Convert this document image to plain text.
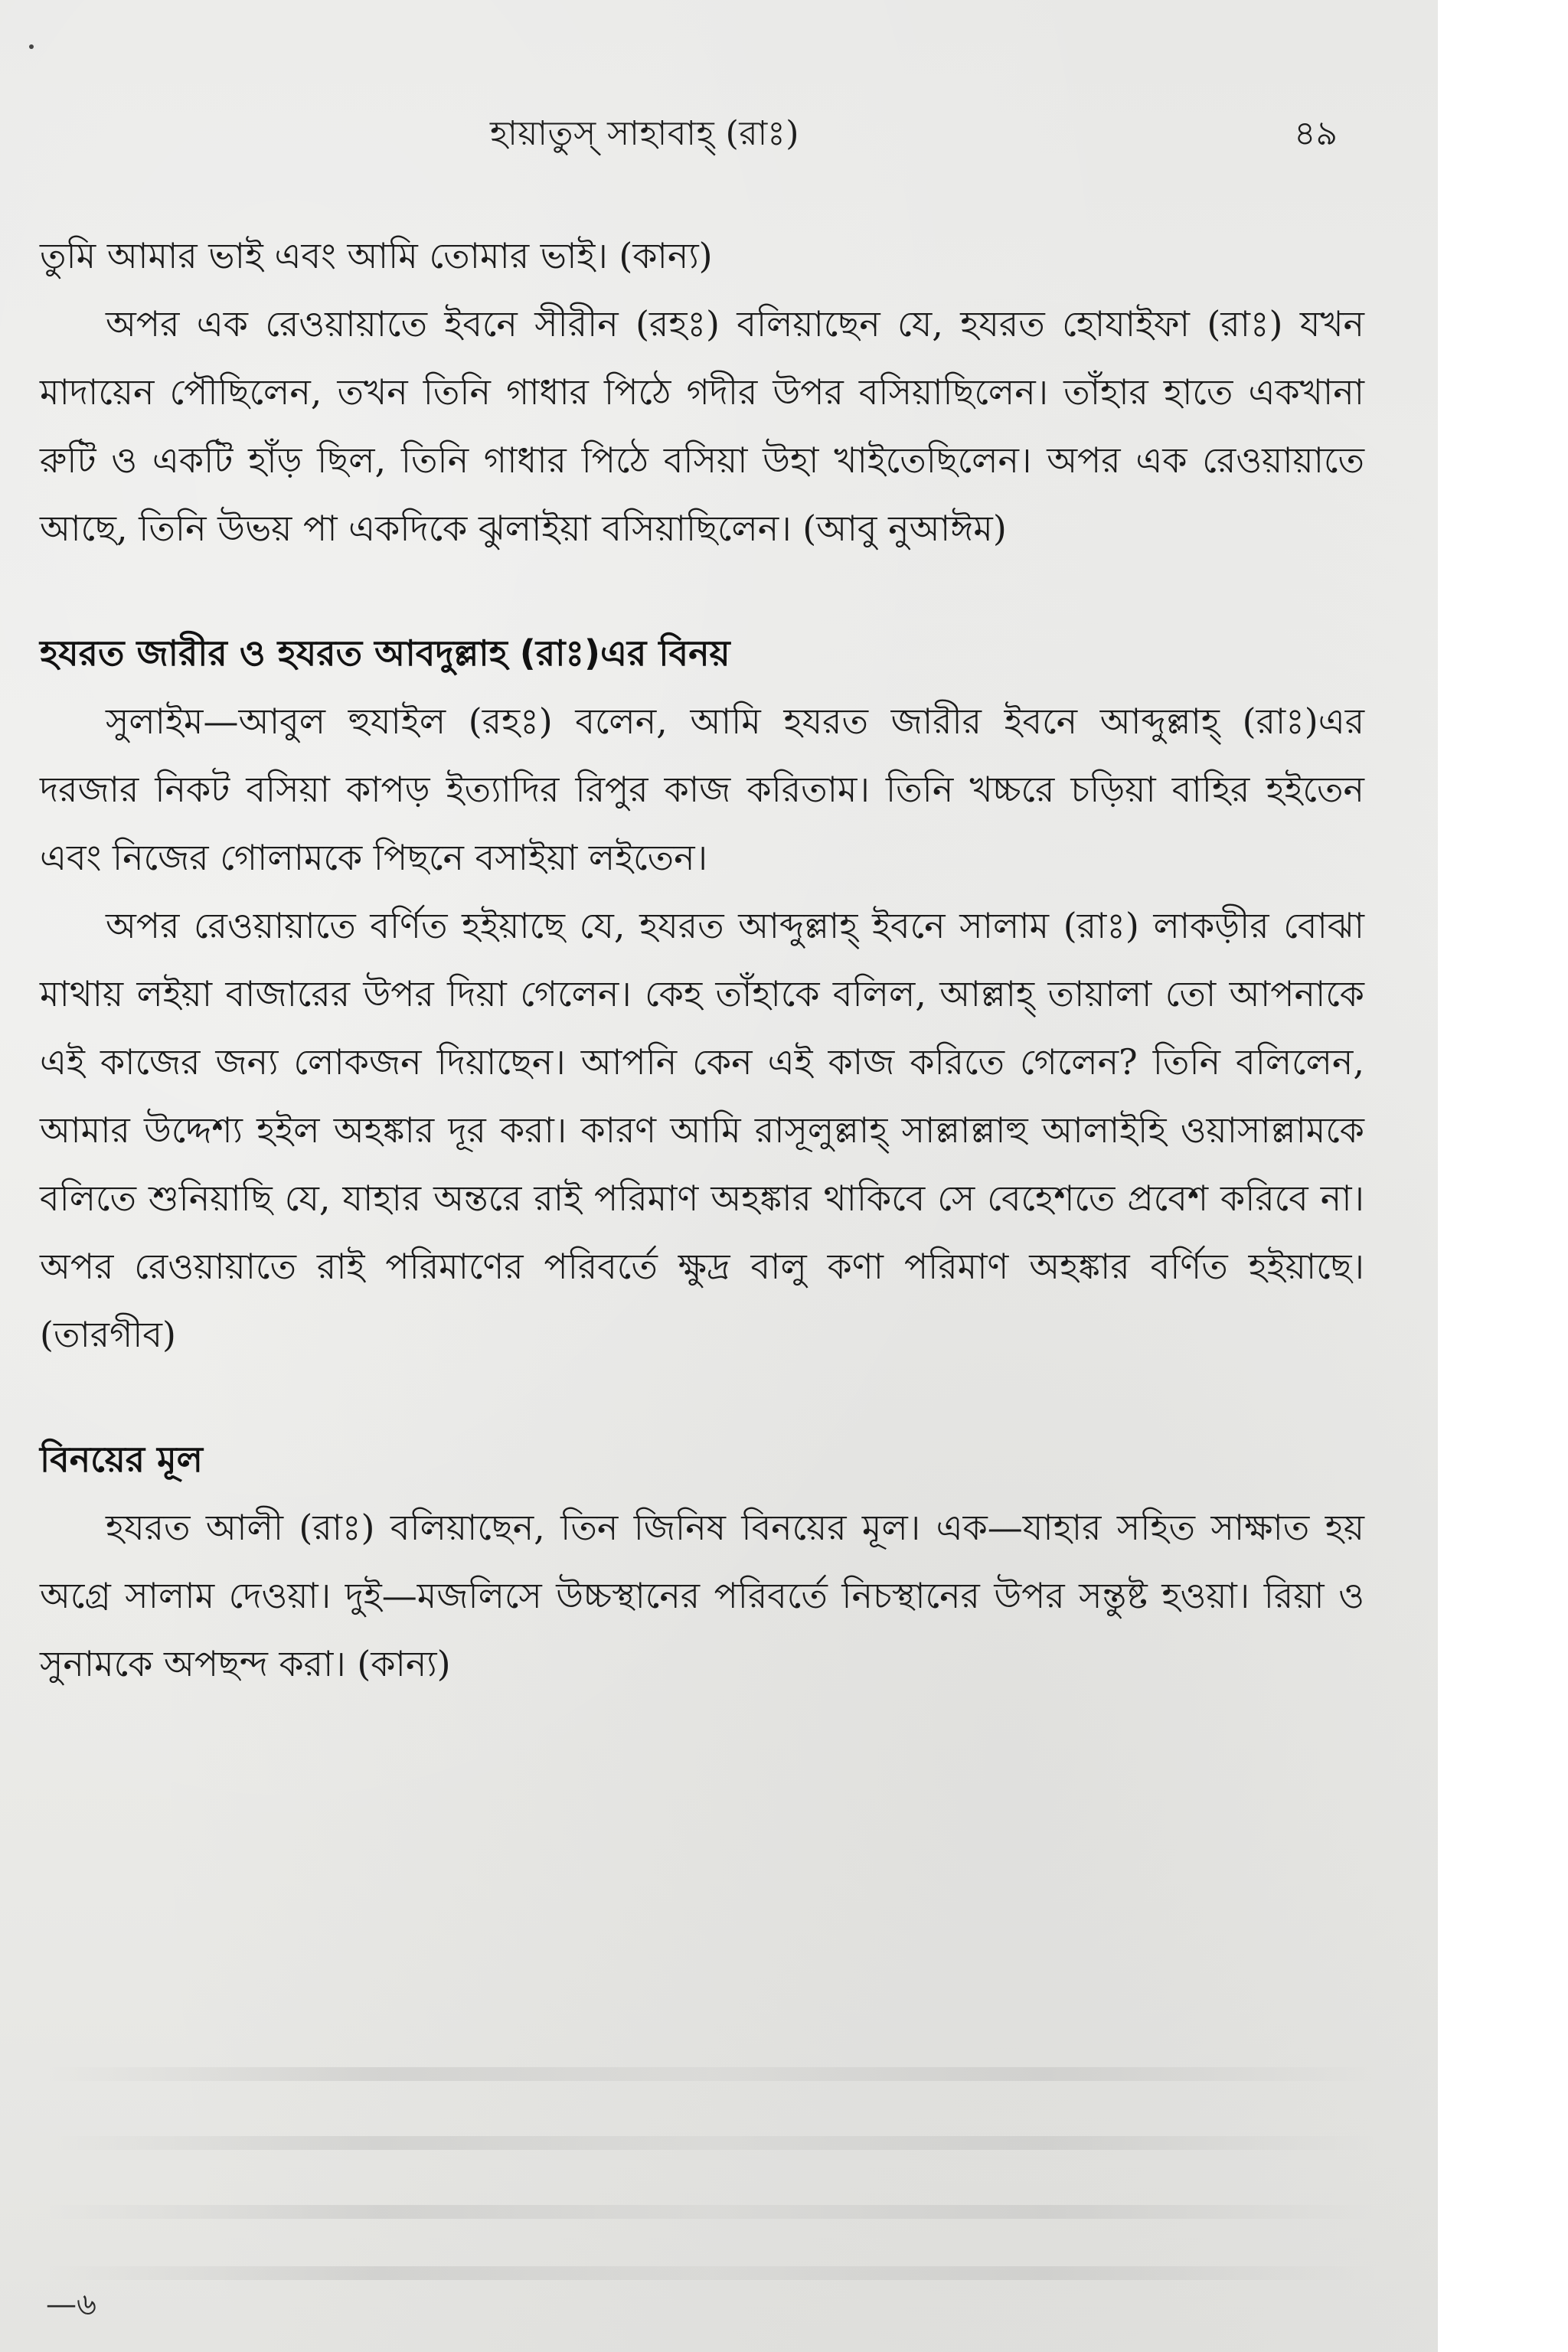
হায়াতুস্ সাহাবাহ্ (রাঃ)	৪৯

তুমি আমার ভাই এবং আমি তোমার ভাই। (কান্য)

অপর এক রেওয়ায়াতে ইবনে সীরীন (রহঃ) বলিয়াছেন যে, হযরত হোযাইফা (রাঃ) যখন মাদায়েন পৌছিলেন, তখন তিনি গাধার পিঠে গদীর উপর বসিয়াছিলেন। তাঁহার হাতে একখানা রুটি ও একটি হাঁড় ছিল, তিনি গাধার পিঠে বসিয়া উহা খাইতেছিলেন। অপর এক রেওয়ায়াতে আছে, তিনি উভয় পা একদিকে ঝুলাইয়া বসিয়াছিলেন। (আবু নুআঈম)

হযরত জারীর ও হযরত আবদুল্লাহ (রাঃ)এর বিনয়

সুলাইম—আবুল হুযাইল (রহঃ) বলেন, আমি হযরত জারীর ইবনে আব্দুল্লাহ্ (রাঃ)এর দরজার নিকট বসিয়া কাপড় ইত্যাদির রিপুর কাজ করিতাম। তিনি খচ্চরে চড়িয়া বাহির হইতেন এবং নিজের গোলামকে পিছনে বসাইয়া লইতেন।

অপর রেওয়ায়াতে বর্ণিত হইয়াছে যে, হযরত আব্দুল্লাহ্ ইবনে সালাম (রাঃ) লাকড়ীর বোঝা মাথায় লইয়া বাজারের উপর দিয়া গেলেন। কেহ তাঁহাকে বলিল, আল্লাহ্ তায়ালা তো আপনাকে এই কাজের জন্য লোকজন দিয়াছেন। আপনি কেন এই কাজ করিতে গেলেন? তিনি বলিলেন, আমার উদ্দেশ্য হইল অহঙ্কার দূর করা। কারণ আমি রাসূলুল্লাহ্ সাল্লাল্লাহু আলাইহি ওয়াসাল্লামকে বলিতে শুনিয়াছি যে, যাহার অন্তরে রাই পরিমাণ অহঙ্কার থাকিবে সে বেহেশতে প্রবেশ করিবে না। অপর রেওয়ায়াতে রাই পরিমাণের পরিবর্তে ক্ষুদ্র বালু কণা পরিমাণ অহঙ্কার বর্ণিত হইয়াছে। (তারগীব)

বিনয়ের মূল

হযরত আলী (রাঃ) বলিয়াছেন, তিন জিনিষ বিনয়ের মূল। এক—যাহার সহিত সাক্ষাত হয় অগ্রে সালাম দেওয়া। দুই—মজলিসে উচ্চস্থানের পরিবর্তে নিচস্থানের উপর সন্তুষ্ট হওয়া। রিয়া ও সুনামকে অপছন্দ করা। (কান্য)

—৬
